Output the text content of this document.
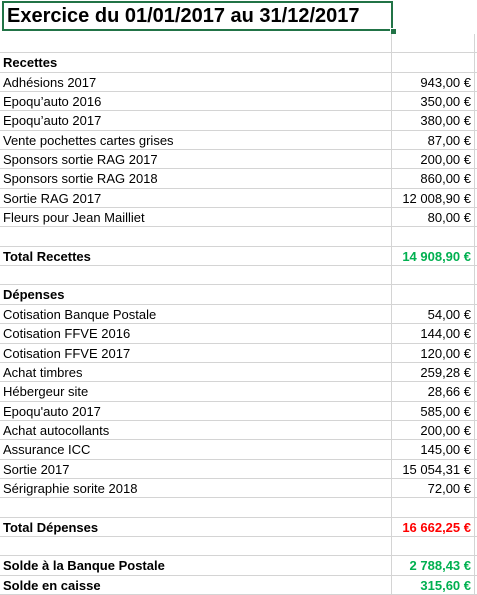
Exercice du 01/01/2017 au 31/12/2017
Recettes
Adhésions 2017	943,00 €
Epoqu’auto 2016	350,00 €
Epoqu’auto 2017	380,00 €
Vente pochettes cartes grises	87,00 €
Sponsors sortie RAG 2017	200,00 €
Sponsors sortie RAG 2018	860,00 €
Sortie RAG 2017	12 008,90 €
Fleurs pour Jean Mailliet	80,00 €
Total Recettes	14 908,90 €
Dépenses
Cotisation Banque Postale	54,00 €
Cotisation FFVE 2016	144,00 €
Cotisation FFVE 2017	120,00 €
Achat timbres	259,28 €
Hébergeur site	28,66 €
Epoqu'auto 2017	585,00 €
Achat autocollants	200,00 €
Assurance ICC	145,00 €
Sortie 2017	15 054,31 €
Sérigraphie sorite 2018	72,00 €
Total Dépenses	16 662,25 €
Solde à la Banque Postale	2 788,43 €
Solde en caisse	315,60 €
